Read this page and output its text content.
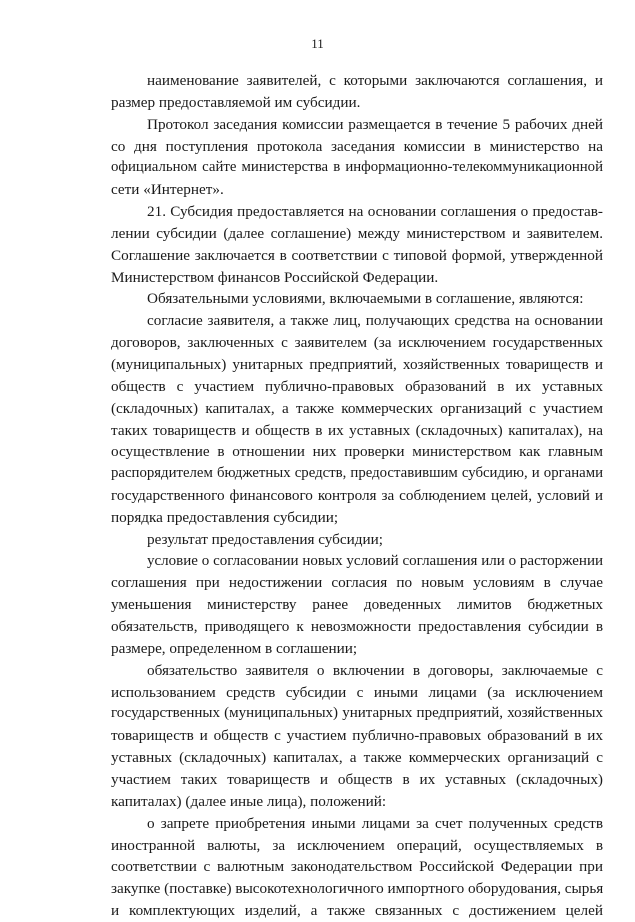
11
наименование заявителей, с которыми заключаются соглашения, и
размер предоставляемой им субсидии.
Протокол заседания комиссии размещается в течение 5 рабочих дней
со дня поступления протокола заседания комиссии в министерство на
официальном сайте министерства в информационно-телекоммуникационной
сети «Интернет».
21. Субсидия предоставляется на основании соглашения о предостав-
лении субсидии (далее соглашение) между министерством и заявителем.
Соглашение заключается в соответствии с типовой формой, утвержденной
Министерством финансов Российской Федерации.
Обязательными условиями, включаемыми в соглашение, являются:
согласие заявителя, а также лиц, получающих средства на основании
договоров, заключенных с заявителем (за исключением государственных
(муниципальных) унитарных предприятий, хозяйственных товариществ и
обществ с участием публично-правовых образований в их уставных
(складочных) капиталах, а также коммерческих организаций с участием
таких товариществ и обществ в их уставных (складочных) капиталах), на
осуществление в отношении них проверки министерством как главным
распорядителем бюджетных средств, предоставившим субсидию, и органами
государственного финансового контроля за соблюдением целей, условий и
порядка предоставления субсидии;
результат предоставления субсидии;
условие о согласовании новых условий соглашения или о расторжении
соглашения при недостижении согласия по новым условиям в случае
уменьшения министерству ранее доведенных лимитов бюджетных
обязательств, приводящего к невозможности предоставления субсидии в
размере, определенном в соглашении;
обязательство заявителя о включении в договоры, заключаемые с
использованием средств субсидии с иными лицами (за исключением
государственных (муниципальных) унитарных предприятий, хозяйственных
товариществ и обществ с участием публично-правовых образований в их
уставных (складочных) капиталах, а также коммерческих организаций с
участием таких товариществ и обществ в их уставных (складочных)
капиталах) (далее иные лица), положений:
о запрете приобретения иными лицами за счет полученных средств
иностранной валюты, за исключением операций, осуществляемых в
соответствии с валютным законодательством Российской Федерации при
закупке (поставке) высокотехнологичного импортного оборудования, сырья
и комплектующих изделий, а также связанных с достижением целей
